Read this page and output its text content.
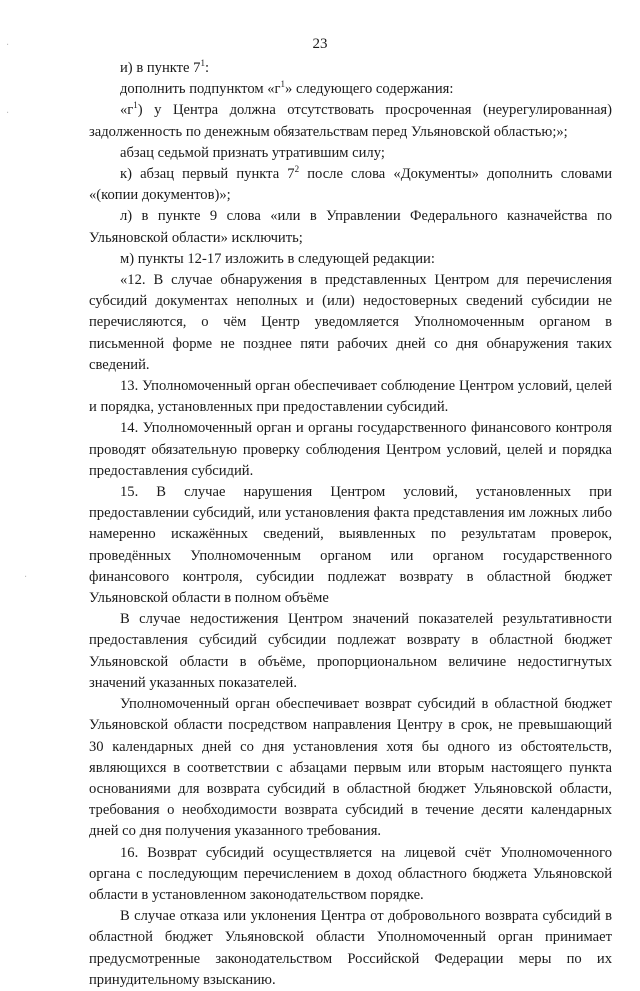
23

и) в пункте $7^1$:

дополнить подпунктом «$г^1$» следующего содержания:

«$г^1$) у Центра должна отсутствовать просроченная (неурегулированная) задолженность по денежным обязательствам перед Ульяновской областью;»;

абзац седьмой признать утратившим силу;

к) абзац первый пункта $7^2$ после слова «Документы» дополнить словами «(копии документов)»;

л) в пункте 9 слова «или в Управлении Федерального казначейства по Ульяновской области» исключить;

м) пункты 12-17 изложить в следующей редакции:

«12. В случае обнаружения в представленных Центром для перечисления субсидий документах неполных и (или) недостоверных сведений субсидии не перечисляются, о чём Центр уведомляется Уполномоченным органом в письменной форме не позднее пяти рабочих дней со дня обнаружения таких сведений.

13. Уполномоченный орган обеспечивает соблюдение Центром условий, целей и порядка, установленных при предоставлении субсидий.

14. Уполномоченный орган и органы государственного финансового контроля проводят обязательную проверку соблюдения Центром условий, целей и порядка предоставления субсидий.

15. В случае нарушения Центром условий, установленных при предоставлении субсидий, или установления факта представления им ложных либо намеренно искажённых сведений, выявленных по результатам проверок, проведённых Уполномоченным органом или органом государственного финансового контроля, субсидии подлежат возврату в областной бюджет Ульяновской области в полном объёме

В случае недостижения Центром значений показателей результативности предоставления субсидий субсидии подлежат возврату в областной бюджет Ульяновской области в объёме, пропорциональном величине недостигнутых значений указанных показателей.

Уполномоченный орган обеспечивает возврат субсидий в областной бюджет Ульяновской области посредством направления Центру в срок, не превышающий 30 календарных дней со дня установления хотя бы одного из обстоятельств, являющихся в соответствии с абзацами первым или вторым настоящего пункта основаниями для возврата субсидий в областной бюджет Ульяновской области, требования о необходимости возврата субсидий в течение десяти календарных дней со дня получения указанного требования.

16. Возврат субсидий осуществляется на лицевой счёт Уполномоченного органа с последующим перечислением в доход областного бюджета Ульяновской области в установленном законодательством порядке.

В случае отказа или уклонения Центра от добровольного возврата субсидий в областной бюджет Ульяновской области Уполномоченный орган принимает предусмотренные законодательством Российской Федерации меры по их принудительному взысканию.

·
·
·
